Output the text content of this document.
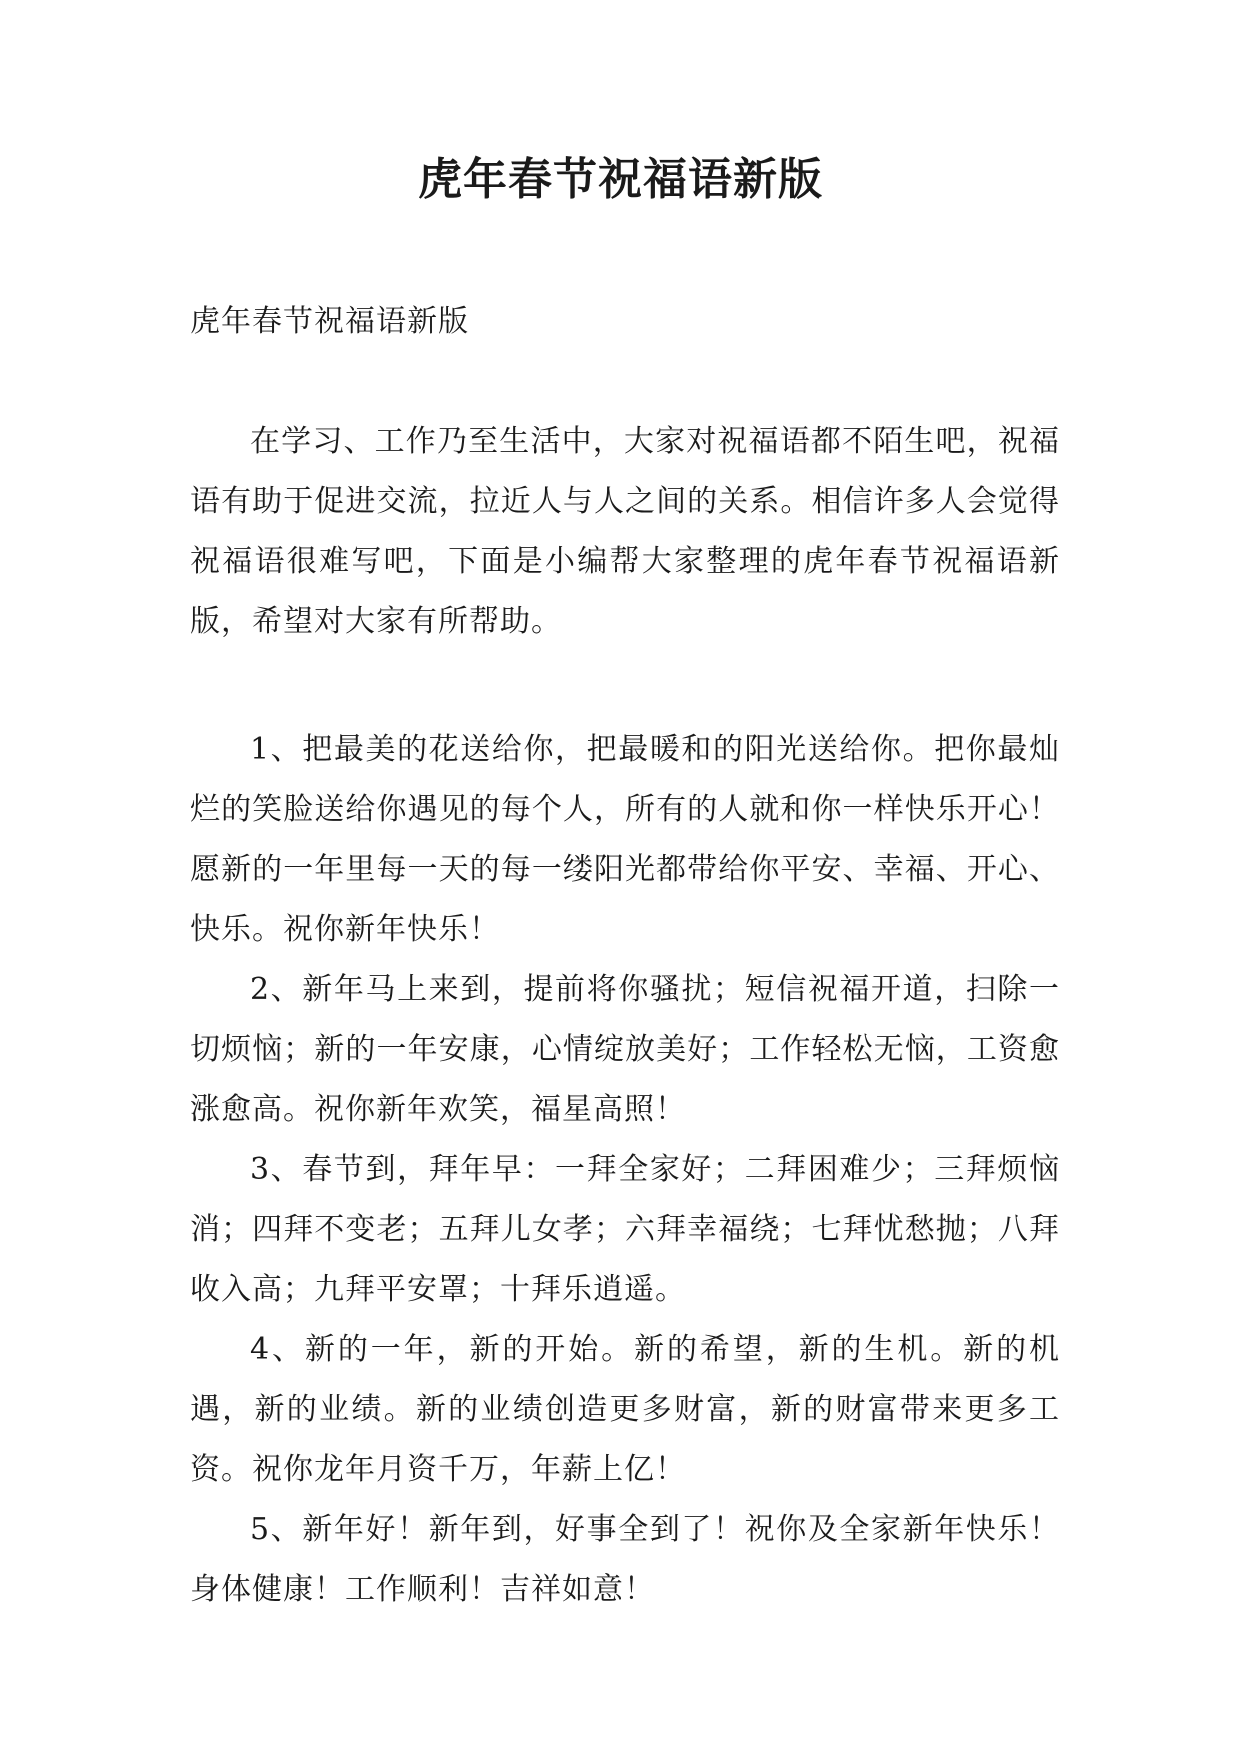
虎年春节祝福语新版

虎年春节祝福语新版

在学习、工作乃至生活中，大家对祝福语都不陌生吧，祝福语有助于促进交流，拉近人与人之间的关系。相信许多人会觉得祝福语很难写吧，下面是小编帮大家整理的虎年春节祝福语新版，希望对大家有所帮助。

1、把最美的花送给你，把最暖和的阳光送给你。把你最灿烂的笑脸送给你遇见的每个人，所有的人就和你一样快乐开心！愿新的一年里每一天的每一缕阳光都带给你平安、幸福、开心、快乐。祝你新年快乐！

2、新年马上来到，提前将你骚扰；短信祝福开道，扫除一切烦恼；新的一年安康，心情绽放美好；工作轻松无恼，工资愈涨愈高。祝你新年欢笑，福星高照！

3、春节到，拜年早：一拜全家好；二拜困难少；三拜烦恼消；四拜不变老；五拜儿女孝；六拜幸福绕；七拜忧愁抛；八拜收入高；九拜平安罩；十拜乐逍遥。

4、新的一年，新的开始。新的希望，新的生机。新的机遇，新的业绩。新的业绩创造更多财富，新的财富带来更多工资。祝你龙年月资千万，年薪上亿！

5、新年好！新年到，好事全到了！祝你及全家新年快乐！身体健康！工作顺利！吉祥如意！
